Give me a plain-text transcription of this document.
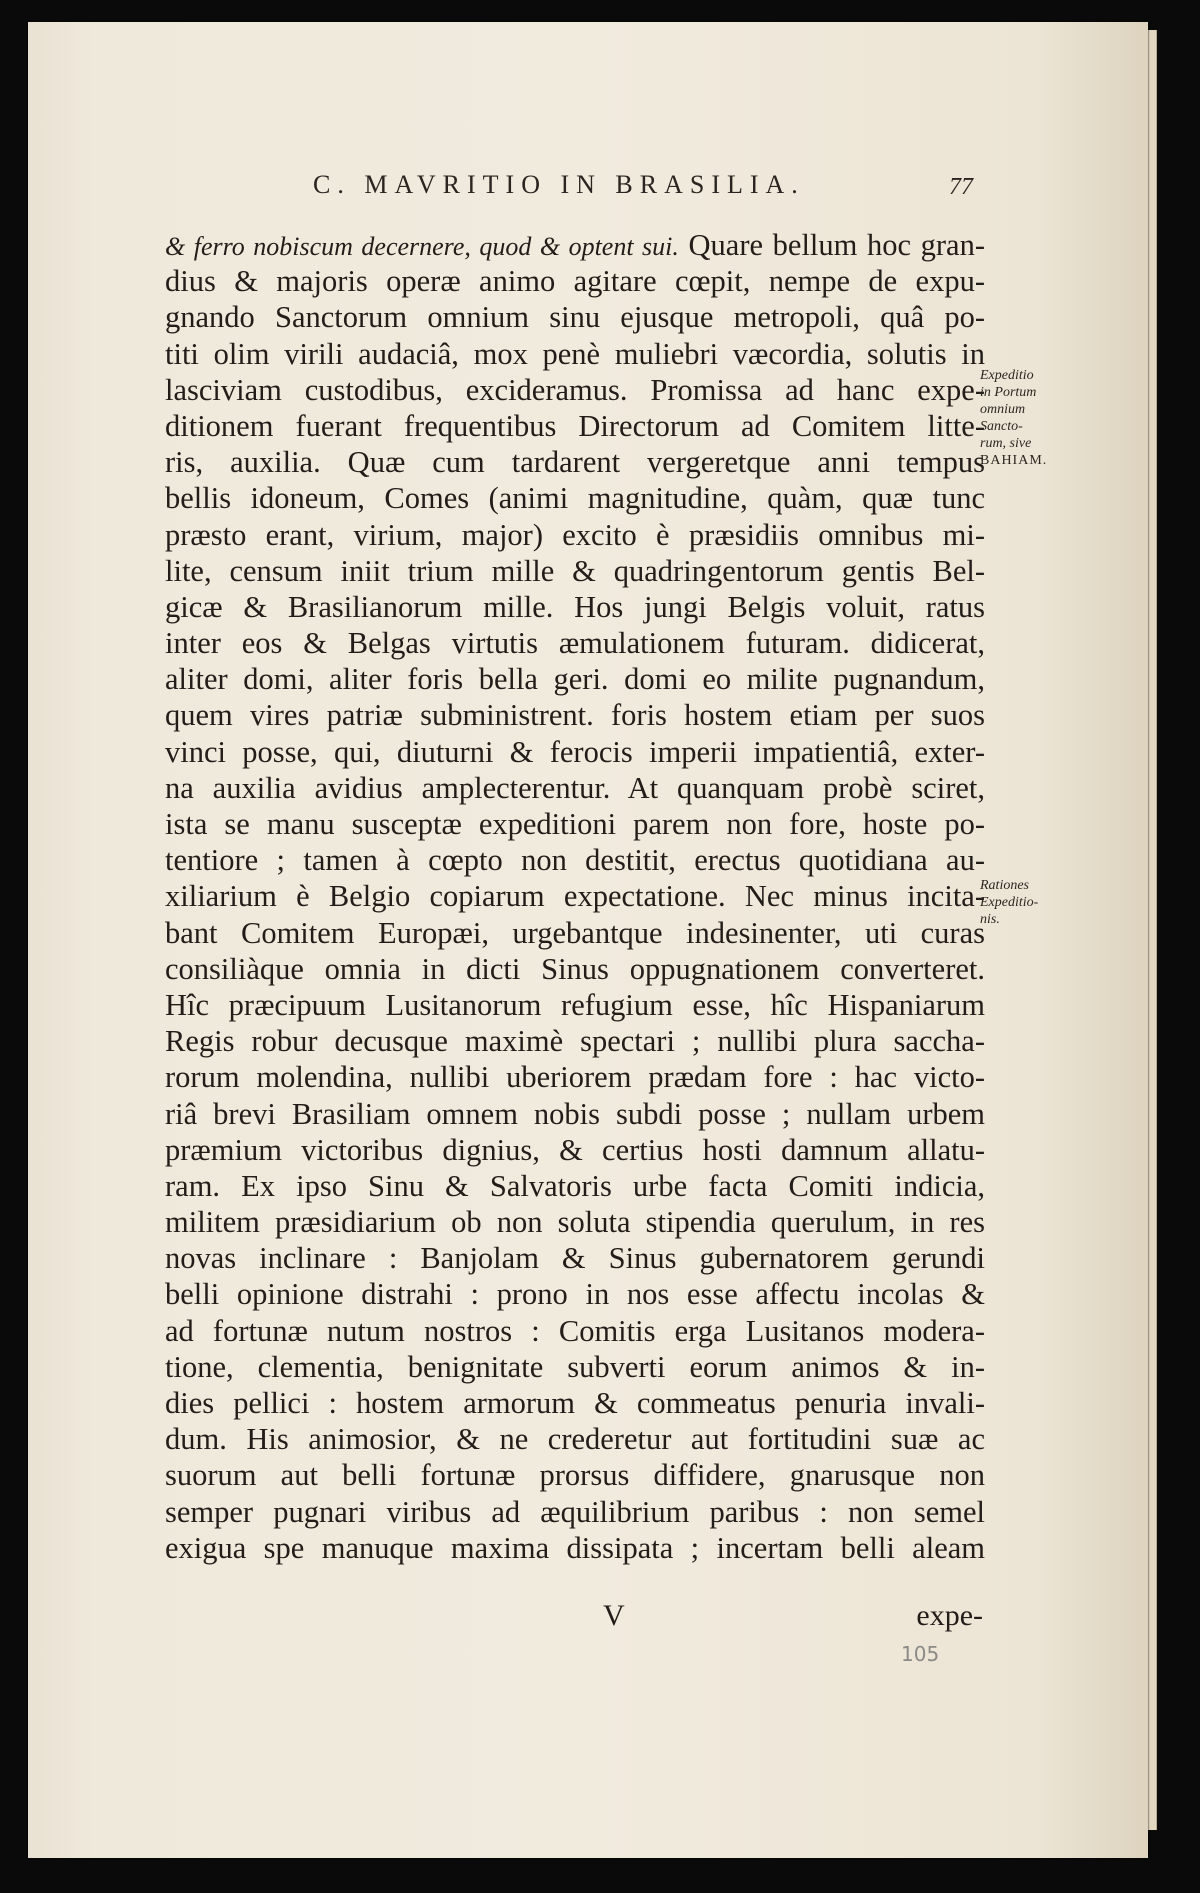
C. MAVRITIO IN BRASILIA.	77
& ferro nobiscum decernere, quod & optent sui. Quare bellum hoc gran-
dius & majoris operæ animo agitare cœpit, nempe de expu-
gnando Sanctorum omnium sinu ejusque metropoli, quâ po-
titi olim virili audaciâ, mox penè muliebri væcordia, solutis in
lasciviam custodibus, excideramus. Promissa ad hanc expe-
ditionem fuerant frequentibus Directorum ad Comitem litte-
ris, auxilia. Quæ cum tardarent vergeretque anni tempus
bellis idoneum, Comes (animi magnitudine, quàm, quæ tunc
præsto erant, virium, major) excito è præsidiis omnibus mi-
lite, censum iniit trium mille & quadringentorum gentis Bel-
gicæ & Brasilianorum mille. Hos jungi Belgis voluit, ratus
inter eos & Belgas virtutis æmulationem futuram. didicerat,
aliter domi, aliter foris bella geri. domi eo milite pugnandum,
quem vires patriæ subministrent. foris hostem etiam per suos
vinci posse, qui, diuturni & ferocis imperii impatientiâ, exter-
na auxilia avidius amplecterentur. At quanquam probè sciret,
ista se manu susceptæ expeditioni parem non fore, hoste po-
tentiore ; tamen à cœpto non destitit, erectus quotidiana au-
xiliarium è Belgio copiarum expectatione. Nec minus incita-
bant Comitem Europæi, urgebantque indesinenter, uti curas
consiliàque omnia in dicti Sinus oppugnationem converteret.
Hîc præcipuum Lusitanorum refugium esse, hîc Hispaniarum
Regis robur decusque maximè spectari ; nullibi plura saccha-
rorum molendina, nullibi uberiorem prædam fore : hac victo-
riâ brevi Brasiliam omnem nobis subdi posse ; nullam urbem
præmium victoribus dignius, & certius hosti damnum allatu-
ram. Ex ipso Sinu & Salvatoris urbe facta Comiti indicia,
militem præsidiarium ob non soluta stipendia querulum, in res
novas inclinare : Banjolam & Sinus gubernatorem gerundi
belli opinione distrahi : prono in nos esse affectu incolas &
ad fortunæ nutum nostros : Comitis erga Lusitanos modera-
tione, clementia, benignitate subverti eorum animos & in-
dies pellici : hostem armorum & commeatus penuria invali-
dum. His animosior, & ne crederetur aut fortitudini suæ ac
suorum aut belli fortunæ prorsus diffidere, gnarusque non
semper pugnari viribus ad æquilibrium paribus : non semel
exigua spe manuque maxima dissipata ; incertam belli aleam
Expeditio
in Portum
omnium
Sancto-
rum, sive
BAHIAM.
Rationes
Expeditio-
nis.
V	expe-
105
